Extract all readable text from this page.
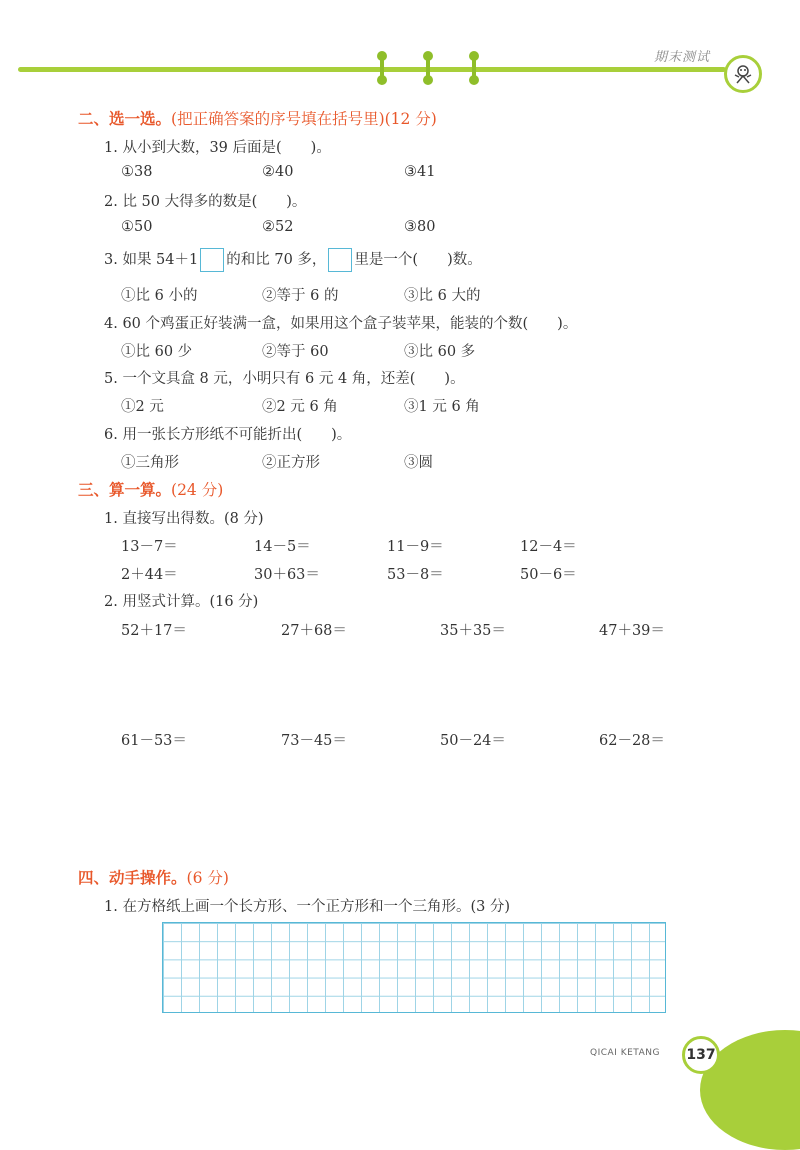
期末测试
二、选一选。(把正确答案的序号填在括号里)(12 分)
1. 从小到大数，39 后面是(　　)。
①38	②40	③41
2. 比 50 大得多的数是(　　)。
①50	②52	③80
3. 如果 54＋1 的和比 70 多， 里是一个(　　)数。
①比 6 小的	②等于 6 的	③比 6 大的
4. 60 个鸡蛋正好装满一盒，如果用这个盒子装苹果，能装的个数(　　)。
①比 60 少	②等于 60	③比 60 多
5. 一个文具盒 8 元，小明只有 6 元 4 角，还差(　　)。
①2 元	②2 元 6 角	③1 元 6 角
6. 用一张长方形纸不可能折出(　　)。
①三角形	②正方形	③圆
三、算一算。(24 分)
1. 直接写出得数。(8 分)
13－7＝	14－5＝	11－9＝	12－4＝
2＋44＝	30＋63＝	53－8＝	50－6＝
2. 用竖式计算。(16 分)
52＋17＝	27＋68＝	35＋35＝	47＋39＝
61－53＝	73－45＝	50－24＝	62－28＝
四、动手操作。(6 分)
1. 在方格纸上画一个长方形、一个正方形和一个三角形。(3 分)
QICAI KETANG	137
